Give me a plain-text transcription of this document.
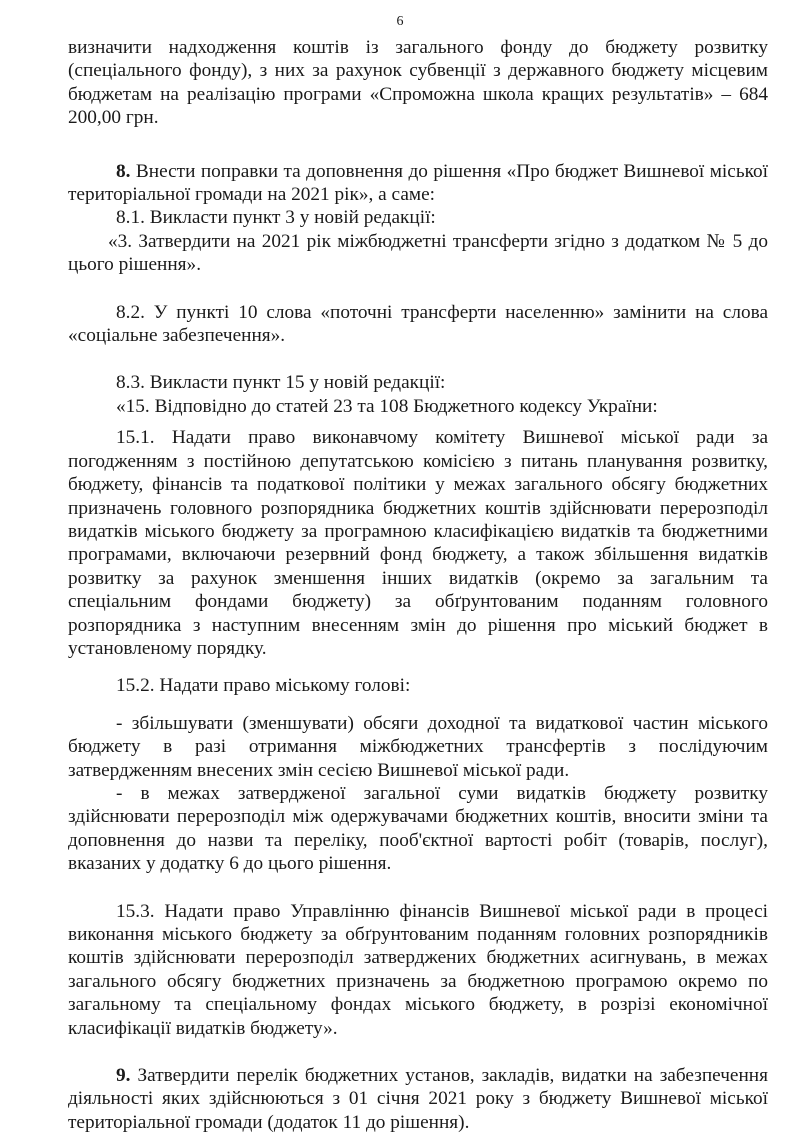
6

визначити надходження коштів із загального фонду до бюджету розвитку (спеціального фонду), з них за рахунок субвенції з державного бюджету місцевим бюджетам на реалізацію програми «Спроможна школа кращих результатів» – 684 200,00 грн.

8. Внести поправки та доповнення до рішення «Про бюджет Вишневої міської територіальної громади на 2021 рік», а саме:

8.1. Викласти пункт 3 у новій редакції:

«3. Затвердити на 2021 рік міжбюджетні трансферти згідно з додатком № 5 до цього рішення».

8.2. У пункті 10 слова «поточні трансферти населенню» замінити на слова «соціальне забезпечення».

8.3. Викласти пункт 15 у новій редакції:

«15. Відповідно до статей 23 та 108 Бюджетного кодексу України:

15.1. Надати право виконавчому комітету Вишневої міської ради за погодженням з постійною депутатською комісією з питань планування розвитку, бюджету, фінансів та податкової політики у межах загального обсягу бюджетних призначень головного розпорядника бюджетних коштів здійснювати перерозподіл видатків міського бюджету за програмною класифікацією видатків та бюджетними програмами, включаючи резервний фонд бюджету, а також збільшення видатків розвитку за рахунок зменшення інших видатків (окремо за загальним та спеціальним фондами бюджету) за обґрунтованим поданням головного розпорядника з наступним внесенням змін до рішення про міський бюджет в установленому порядку.

15.2. Надати право міському голові:

- збільшувати (зменшувати) обсяги доходної та видаткової частин міського бюджету в разі отримання міжбюджетних трансфертів з послідуючим затвердженням внесених змін сесією Вишневої міської ради.

- в межах затвердженої загальної суми видатків бюджету розвитку здійснювати перерозподіл між одержувачами бюджетних коштів, вносити зміни та доповнення до назви та переліку, пооб'єктної вартості робіт (товарів, послуг), вказаних у додатку 6 до цього рішення.

15.3. Надати право Управлінню фінансів Вишневої міської ради в процесі виконання міського бюджету за обґрунтованим поданням головних розпорядників коштів здійснювати перерозподіл затверджених бюджетних асигнувань, в межах загального обсягу бюджетних призначень за бюджетною програмою окремо по загальному та спеціальному фондах міського бюджету, в розрізі економічної класифікації видатків бюджету».

9. Затвердити перелік бюджетних установ, закладів, видатки на забезпечення діяльності яких здійснюються з 01 січня 2021 року з бюджету Вишневої міської територіальної громади (додаток 11 до рішення).
